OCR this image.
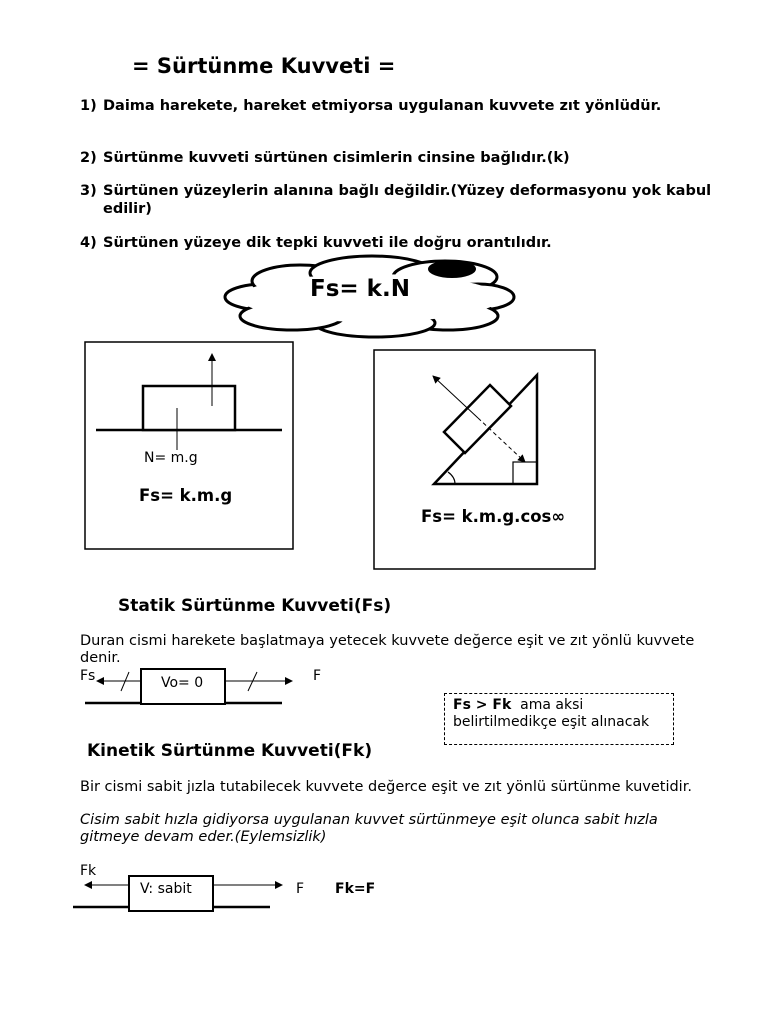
= Sürtünme Kuvveti =
1) Daima harekete, hareket etmiyorsa uygulanan kuvvete zıt yönlüdür.
2) Sürtünme kuvveti sürtünen cisimlerin cinsine bağlıdır.(k)
3) Sürtünen yüzeylerin alanına bağlı değildir.(Yüzey deformasyonu yok kabul edilir)
4) Sürtünen yüzeye dik tepki kuvveti ile doğru orantılıdır.
Fs= k.N
N= m.g
Fs= k.m.g
Fs= k.m.g.cos∞
Statik Sürtünme Kuvveti(Fs)
Duran cismi harekete başlatmaya yetecek kuvvete değerce eşit ve zıt yönlü kuvvete denir.
Fs	F
Vo= 0
Fs > Fk ama aksi belirtilmedikçe eşit alınacak
Kinetik Sürtünme Kuvveti(Fk)
Bir cismi sabit jızla tutabilecek kuvvete değerce eşit ve zıt yönlü sürtünme kuvetidir.
Cisim sabit hızla gidiyorsa uygulanan kuvvet sürtünmeye eşit olunca sabit hızla gitmeye devam eder.(Eylemsizlik)
Fk
V: sabit	F Fk=F
